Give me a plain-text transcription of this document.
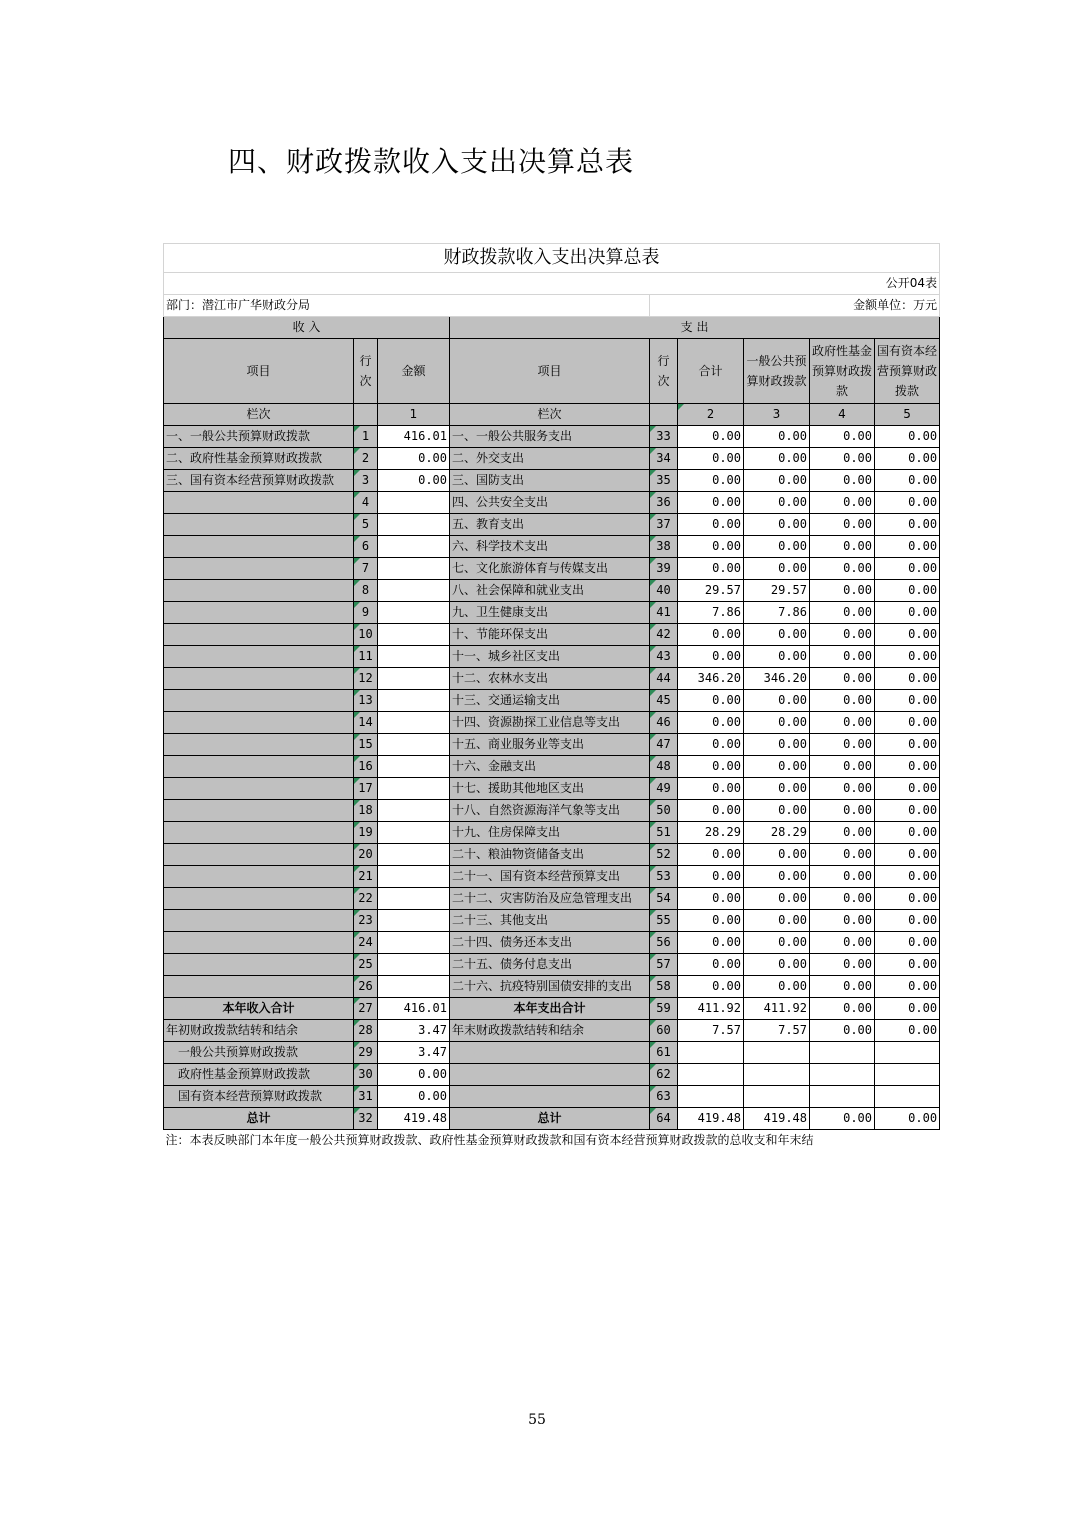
四、财政拨款收入支出决算总表
财政拨款收入支出决算总表								
公开04表								
部门：潜江市广华财政分局				金额单位：万元				
收 入			支 出					
项目	行次	金额	项目	行次	合计	一般公共预算财政拨款	政府性基金预算财政拨款	国有资本经营预算财政拨款
栏次		1	栏次		2	3	4	5
一、一般公共预算财政拨款	1	416.01	一、一般公共服务支出	33	0.00	0.00	0.00	0.00
二、政府性基金预算财政拨款	2	0.00	二、外交支出	34	0.00	0.00	0.00	0.00
三、国有资本经营预算财政拨款	3	0.00	三、国防支出	35	0.00	0.00	0.00	0.00
	4		四、公共安全支出	36	0.00	0.00	0.00	0.00
	5		五、教育支出	37	0.00	0.00	0.00	0.00
	6		六、科学技术支出	38	0.00	0.00	0.00	0.00
	7		七、文化旅游体育与传媒支出	39	0.00	0.00	0.00	0.00
	8		八、社会保障和就业支出	40	29.57	29.57	0.00	0.00
	9		九、卫生健康支出	41	7.86	7.86	0.00	0.00
	10		十、节能环保支出	42	0.00	0.00	0.00	0.00
	11		十一、城乡社区支出	43	0.00	0.00	0.00	0.00
	12		十二、农林水支出	44	346.20	346.20	0.00	0.00
	13		十三、交通运输支出	45	0.00	0.00	0.00	0.00
	14		十四、资源勘探工业信息等支出	46	0.00	0.00	0.00	0.00
	15		十五、商业服务业等支出	47	0.00	0.00	0.00	0.00
	16		十六、金融支出	48	0.00	0.00	0.00	0.00
	17		十七、援助其他地区支出	49	0.00	0.00	0.00	0.00
	18		十八、自然资源海洋气象等支出	50	0.00	0.00	0.00	0.00
	19		十九、住房保障支出	51	28.29	28.29	0.00	0.00
	20		二十、粮油物资储备支出	52	0.00	0.00	0.00	0.00
	21		二十一、国有资本经营预算支出	53	0.00	0.00	0.00	0.00
	22		二十二、灾害防治及应急管理支出	54	0.00	0.00	0.00	0.00
	23		二十三、其他支出	55	0.00	0.00	0.00	0.00
	24		二十四、债务还本支出	56	0.00	0.00	0.00	0.00
	25		二十五、债务付息支出	57	0.00	0.00	0.00	0.00
	26		二十六、抗疫特别国债安排的支出	58	0.00	0.00	0.00	0.00
本年收入合计	27	416.01	本年支出合计	59	411.92	411.92	0.00	0.00
年初财政拨款结转和结余	28	3.47	年末财政拨款结转和结余	60	7.57	7.57	0.00	0.00
一般公共预算财政拨款	29	3.47		61				
政府性基金预算财政拨款	30	0.00		62				
国有资本经营预算财政拨款	31	0.00		63				
总计	32	419.48	总计	64	419.48	419.48	0.00	0.00
注：本表反映部门本年度一般公共预算财政拨款、政府性基金预算财政拨款和国有资本经营预算财政拨款的总收支和年末结								
55
